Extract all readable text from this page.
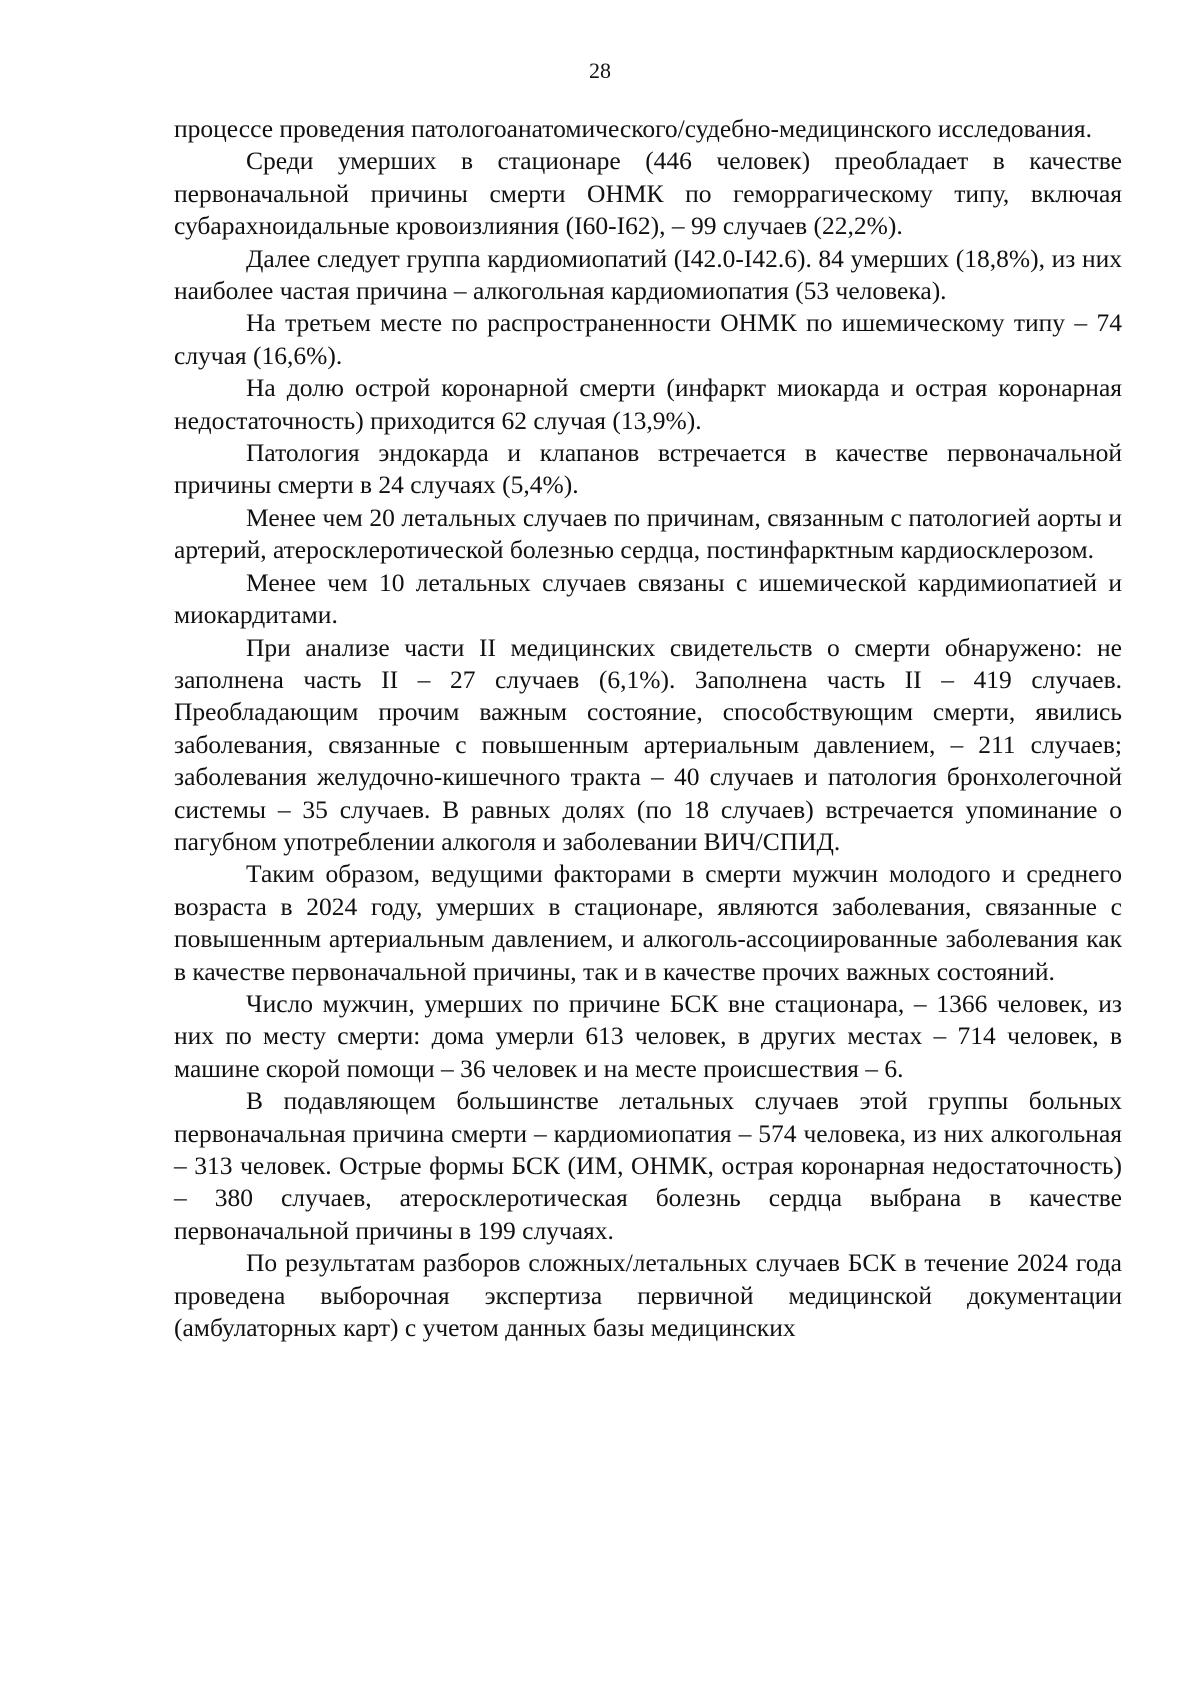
28

процессе проведения патологоанатомического/судебно-медицинского исследования.

Среди умерших в стационаре (446 человек) преобладает в качестве первоначальной причины смерти ОНМК по геморрагическому типу, включая субарахноидальные кровоизлияния (I60-I62), – 99 случаев (22,2%).

Далее следует группа кардиомиопатий (I42.0-I42.6). 84 умерших (18,8%), из них наиболее частая причина – алкогольная кардиомиопатия (53 человека).

На третьем месте по распространенности ОНМК по ишемическому типу – 74 случая (16,6%).

На долю острой коронарной смерти (инфаркт миокарда и острая коронарная недостаточность) приходится 62 случая (13,9%).

Патология эндокарда и клапанов встречается в качестве первоначальной причины смерти в 24 случаях (5,4%).

Менее чем 20 летальных случаев по причинам, связанным с патологией аорты и артерий, атеросклеротической болезнью сердца, постинфарктным кардиосклерозом.

Менее чем 10 летальных случаев связаны с ишемической кардимиопатией и миокардитами.

При анализе части II медицинских свидетельств о смерти обнаружено: не заполнена часть II – 27 случаев (6,1%). Заполнена часть II – 419 случаев. Преобладающим прочим важным состояние, способствующим смерти, явились заболевания, связанные с повышенным артериальным давлением, – 211 случаев; заболевания желудочно-кишечного тракта – 40 случаев и патология бронхолегочной системы – 35 случаев. В равных долях (по 18 случаев) встречается упоминание о пагубном употреблении алкоголя и заболевании ВИЧ/СПИД.

Таким образом, ведущими факторами в смерти мужчин молодого и среднего возраста в 2024 году, умерших в стационаре, являются заболевания, связанные с повышенным артериальным давлением, и алкоголь-ассоциированные заболевания как в качестве первоначальной причины, так и в качестве прочих важных состояний.

Число мужчин, умерших по причине БСК вне стационара, – 1366 человек, из них по месту смерти: дома умерли 613 человек, в других местах – 714 человек, в машине скорой помощи – 36 человек и на месте происшествия – 6.

В подавляющем большинстве летальных случаев этой группы больных первоначальная причина смерти – кардиомиопатия – 574 человека, из них алкогольная – 313 человек. Острые формы БСК (ИМ, ОНМК, острая коронарная недостаточность) – 380 случаев, атеросклеротическая болезнь сердца выбрана в качестве первоначальной причины в 199 случаях.

По результатам разборов сложных/летальных случаев БСК в течение 2024 года проведена выборочная экспертиза первичной медицинской документации (амбулаторных карт) с учетом данных базы медицинских
